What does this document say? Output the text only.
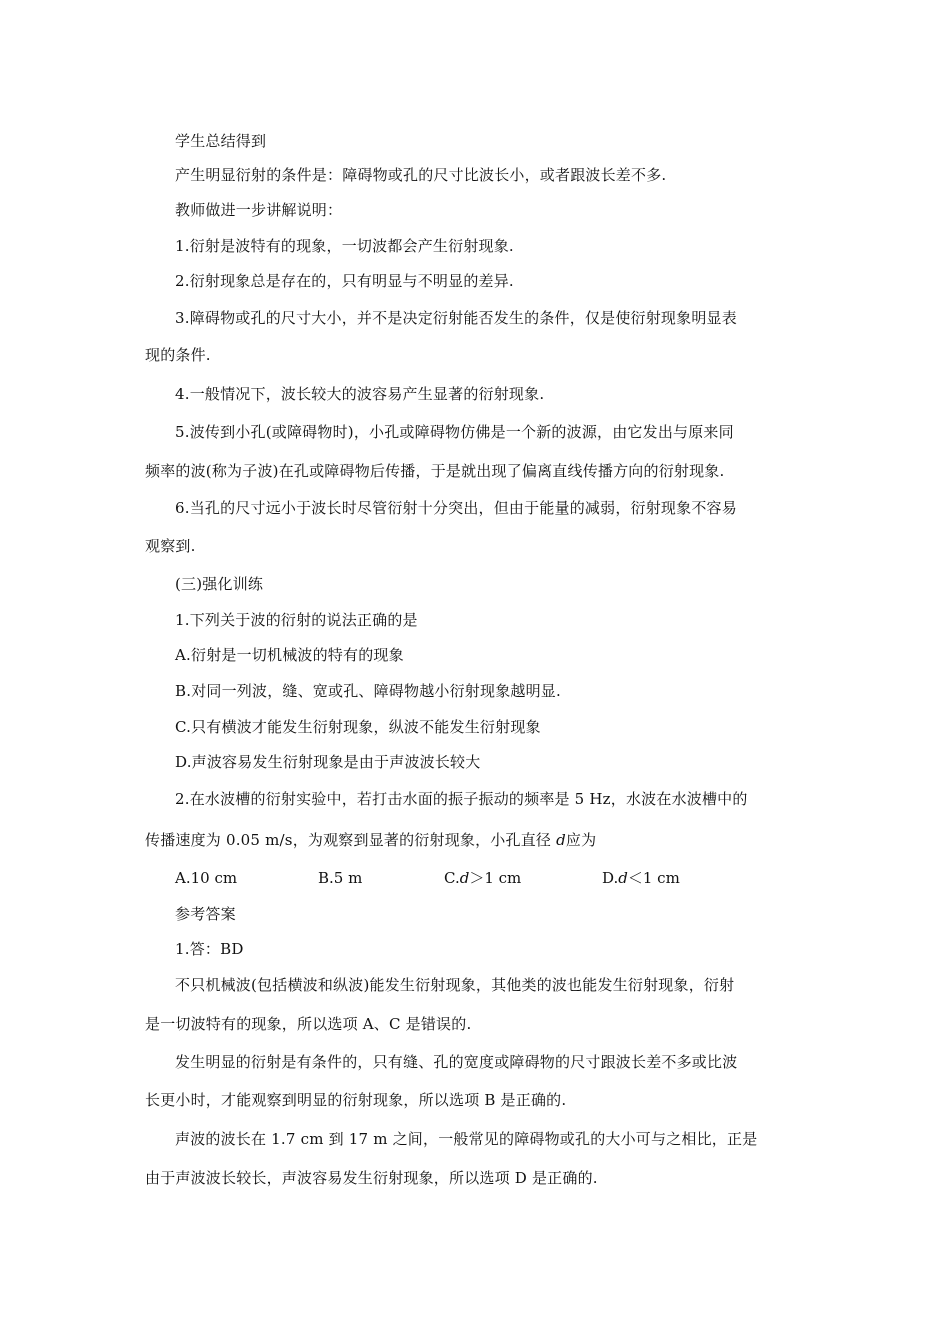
学生总结得到

产生明显衍射的条件是：障碍物或孔的尺寸比波长小，或者跟波长差不多.

教师做进一步讲解说明：

1.衍射是波特有的现象，一切波都会产生衍射现象.

2.衍射现象总是存在的，只有明显与不明显的差异.

3.障碍物或孔的尺寸大小，并不是决定衍射能否发生的条件，仅是使衍射现象明显表

现的条件.

4.一般情况下，波长较大的波容易产生显著的衍射现象.

5.波传到小孔(或障碍物时)，小孔或障碍物仿佛是一个新的波源，由它发出与原来同

频率的波(称为子波)在孔或障碍物后传播，于是就出现了偏离直线传播方向的衍射现象.

6.当孔的尺寸远小于波长时尽管衍射十分突出，但由于能量的减弱，衍射现象不容易

观察到.

(三)强化训练

1.下列关于波的衍射的说法正确的是

A.衍射是一切机械波的特有的现象

B.对同一列波，缝、宽或孔、障碍物越小衍射现象越明显.

C.只有横波才能发生衍射现象，纵波不能发生衍射现象

D.声波容易发生衍射现象是由于声波波长较大

2.在水波槽的衍射实验中，若打击水面的振子振动的频率是 5 Hz，水波在水波槽中的

传播速度为 0.05 m/s，为观察到显著的衍射现象，小孔直径 d应为

A.10 cm	B.5 m	C.d＞1 cm	D.d＜1 cm

参考答案

1.答：BD

不只机械波(包括横波和纵波)能发生衍射现象，其他类的波也能发生衍射现象，衍射

是一切波特有的现象，所以选项 A、C 是错误的.

发生明显的衍射是有条件的，只有缝、孔的宽度或障碍物的尺寸跟波长差不多或比波

长更小时，才能观察到明显的衍射现象，所以选项 B 是正确的.

声波的波长在 1.7 cm 到 17 m 之间，一般常见的障碍物或孔的大小可与之相比，正是

由于声波波长较长，声波容易发生衍射现象，所以选项 D 是正确的.
